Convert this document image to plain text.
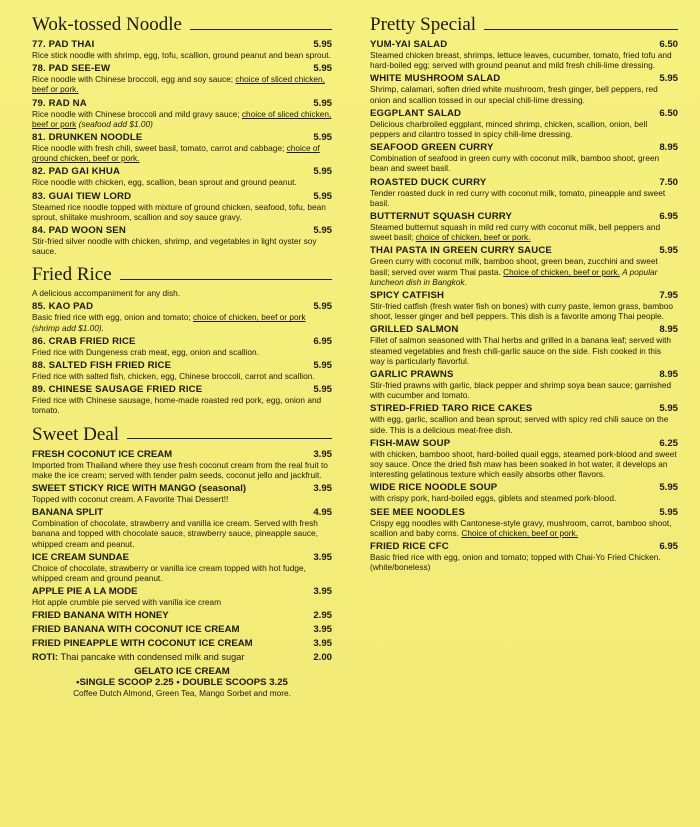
Wok-tossed Noodle
77. PAD THAI	5.95
Rice stick noodle with shrimp, egg, tofu, scallion, ground peanut and bean sprout.
78. PAD SEE-EW	5.95
Rice noodle with Chinese broccoli, egg and soy sauce; choice of sliced chicken, beef or pork.
79. RAD NA	5.95
Rice noodle with Chinese broccoli and mild gravy sauce; choice of sliced chicken, beef or pork (seafood add $1.00)
81. DRUNKEN NOODLE	5.95
Rice noodle with fresh chili, sweet basil, tomato, carrot and cabbage; choice of ground chicken, beef or pork.
82. PAD GAI KHUA	5.95
Rice noodle with chicken, egg, scallion, bean sprout and ground peanut.
83. GUAI TIEW LORD	5.95
Steamed rice noodle topped with mixture of ground chicken, seafood, tofu, bean sprout, shiitake mushroom, scallion and soy sauce gravy.
84. PAD WOON SEN	5.95
Stir-fried silver noodle with chicken, shrimp, and vegetables in light oyster soy sauce.
Fried Rice
A delicious accompaniment for any dish.
85. KAO PAD	5.95
Basic fried rice with egg, onion and tomato; choice of chicken, beef or pork (shrimp add $1.00).
86. CRAB FRIED RICE	6.95
Fried rice with Dungeness crab meat, egg, onion and scallion.
88. SALTED FISH FRIED RICE	5.95
Fried rice with salted fish, chicken, egg, Chinese broccoli, carrot and scallion.
89. CHINESE SAUSAGE FRIED RICE	5.95
Fried rice with Chinese sausage, home-made roasted red pork, egg, onion and tomato.
Sweet Deal
FRESH COCONUT ICE CREAM	3.95
Imported from Thailand where they use fresh coconut cream from the real fruit to make the ice cream; served with tender palm seeds, coconut jello and jackfruit.
SWEET STICKY RICE WITH MANGO (seasonal)	3.95
Topped with coconut cream. A Favorite Thai Dessert!!
BANANA SPLIT	4.95
Combination of chocolate, strawberry and vanilla ice cream. Served with fresh banana and topped with chocolate sauce, strawberry sauce, pineapple sauce, whipped cream and peanut.
ICE CREAM SUNDAE	3.95
Choice of chocolate, strawberry or vanilla ice cream topped with hot fudge, whipped cream and ground peanut.
APPLE PIE A LA MODE	3.95
Hot apple crumble pie served with vanilla ice cream
FRIED BANANA WITH HONEY	2.95
FRIED BANANA WITH COCONUT ICE CREAM	3.95
FRIED PINEAPPLE WITH COCONUT ICE CREAM	3.95
ROTI: Thai pancake with condensed milk and sugar	2.00
GELATO ICE CREAM
•SINGLE SCOOP 2.25 • DOUBLE SCOOPS 3.25
Coffee Dutch Almond, Green Tea, Mango Sorbet and more.
Pretty Special
YUM-YAI SALAD	6.50
Steamed chicken breast, shrimps, lettuce leaves, cucumber, tomato, fried tofu and hard-boiled egg; served with ground peanut and mild fresh chili-lime dressing.
WHITE MUSHROOM SALAD	5.95
Shrimp, calamari, soften dried white mushroom, fresh ginger, bell peppers, red onion and scallion tossed in our special chili-lime dressing.
EGGPLANT SALAD	6.50
Delicious charbroiled eggplant, minced shrimp, chicken, scallion, onion, bell peppers and cilantro tossed in spicy chili-lime dressing.
SEAFOOD GREEN CURRY	8.95
Combination of seafood in green curry with coconut milk, bamboo shoot, green bean and sweet basil.
ROASTED DUCK CURRY	7.50
Tender roasted duck in red curry with coconut milk, tomato, pineapple and sweet basil.
BUTTERNUT SQUASH CURRY	6.95
Steamed butternut squash in mild red curry with coconut milk, bell peppers and sweet basil; choice of chicken, beef or pork.
THAI PASTA IN GREEN CURRY SAUCE	5.95
Green curry with coconut milk, bamboo shoot, green bean, zucchini and sweet basil; served over warm Thai pasta. Choice of chicken, beef or pork. A popular luncheon dish in Bangkok.
SPICY CATFISH	7.95
Stir-fried catfish (fresh water fish on bones) with curry paste, lemon grass, bamboo shoot, lesser ginger and bell peppers. This dish is a favorite among Thai people.
GRILLED SALMON	8.95
Fillet of salmon seasoned with Thai herbs and grilled in a banana leaf; served with steamed vegetables and fresh chili-garlic sauce on the side. Fish cooked in this way is particularly flavorful.
GARLIC PRAWNS	8.95
Stir-fried prawns with garlic, black pepper and shrimp soya bean sauce; garnished with cucumber and tomato.
STIRED-FRIED TARO RICE CAKES	5.95
with egg, garlic, scallion and bean sprout; served with spicy red chili sauce on the side. This is a delicious meat-free dish.
FISH-MAW SOUP	6.25
with chicken, bamboo shoot, hard-boiled quail eggs, steamed pork-blood and sweet soy sauce. Once the dried fish maw has been soaked in hot water, it develops an interesting gelatinous texture which easily absorbs other flavors.
WIDE RICE NOODLE SOUP	5.95
with crispy pork, hard-boiled eggs, giblets and steamed pork-blood.
SEE MEE NOODLES	5.95
Crispy egg noodles with Cantonese-style gravy, mushroom, carrot, bamboo shoot, scallion and baby corns. Choice of chicken, beef or pork.
FRIED RICE CFC	6.95
Basic fried rice with egg, onion and tomato; topped with Chai-Yo Fried Chicken. (white/boneless)
